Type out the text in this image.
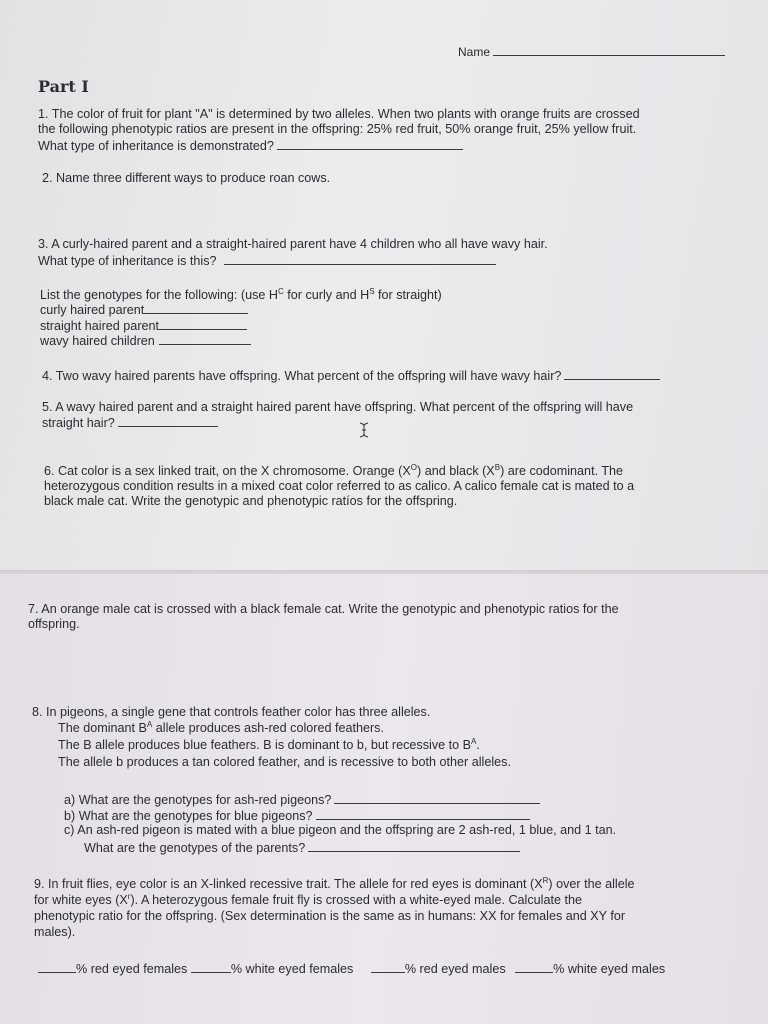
Name
Part I
1. The color of fruit for plant "A" is determined by two alleles. When two plants with orange fruits are crossed
the following phenotypic ratios are present in the offspring: 25% red fruit, 50% orange fruit, 25% yellow fruit.
What type of inheritance is demonstrated?
2. Name three different ways to produce roan cows.
3. A curly-haired parent and a straight-haired parent have 4 children who all have wavy hair.
What type of inheritance is this?
List the genotypes for the following: (use $H^C$ for curly and $H^S$ for straight)
curly haired parent
straight haired parent
wavy haired children
4. Two wavy haired parents have offspring. What percent of the offspring will have wavy hair?
5. A wavy haired parent and a straight haired parent have offspring. What percent of the offspring will have
straight hair?
6. Cat color is a sex linked trait, on the X chromosome. Orange $(X^O)$ and black $(X^B)$ are codominant. The
heterozygous condition results in a mixed coat color referred to as calico. A calico female cat is mated to a
black male cat. Write the genotypic and phenotypic ratíos for the offspring.
7. An orange male cat is crossed with a black female cat. Write the genotypic and phenotypic ratios for the
offspring.
8. In pigeons, a single gene that controls feather color has three alleles.
The dominant $B^A$ allele produces ash-red colored feathers.
The B allele produces blue feathers. B is dominant to b, but recessive to $B^A$.
The allele b produces a tan colored feather, and is recessive to both other alleles.
a) What are the genotypes for ash-red pigeons?
b) What are the genotypes for blue pigeons?
c) An ash-red pigeon is mated with a blue pigeon and the offspring are 2 ash-red, 1 blue, and 1 tan.
What are the genotypes of the parents?
9. In fruit flies, eye color is an X-linked recessive trait. The allele for red eyes is dominant $(X^R)$ over the allele
for white eyes $(X^r)$. A heterozygous female fruit fly is crossed with a white-eyed male. Calculate the
phenotypic ratio for the offspring. (Sex determination is the same as in humans: XX for females and XY for
males).
% red eyed females	% white eyed females	% red eyed males	% white eyed males
